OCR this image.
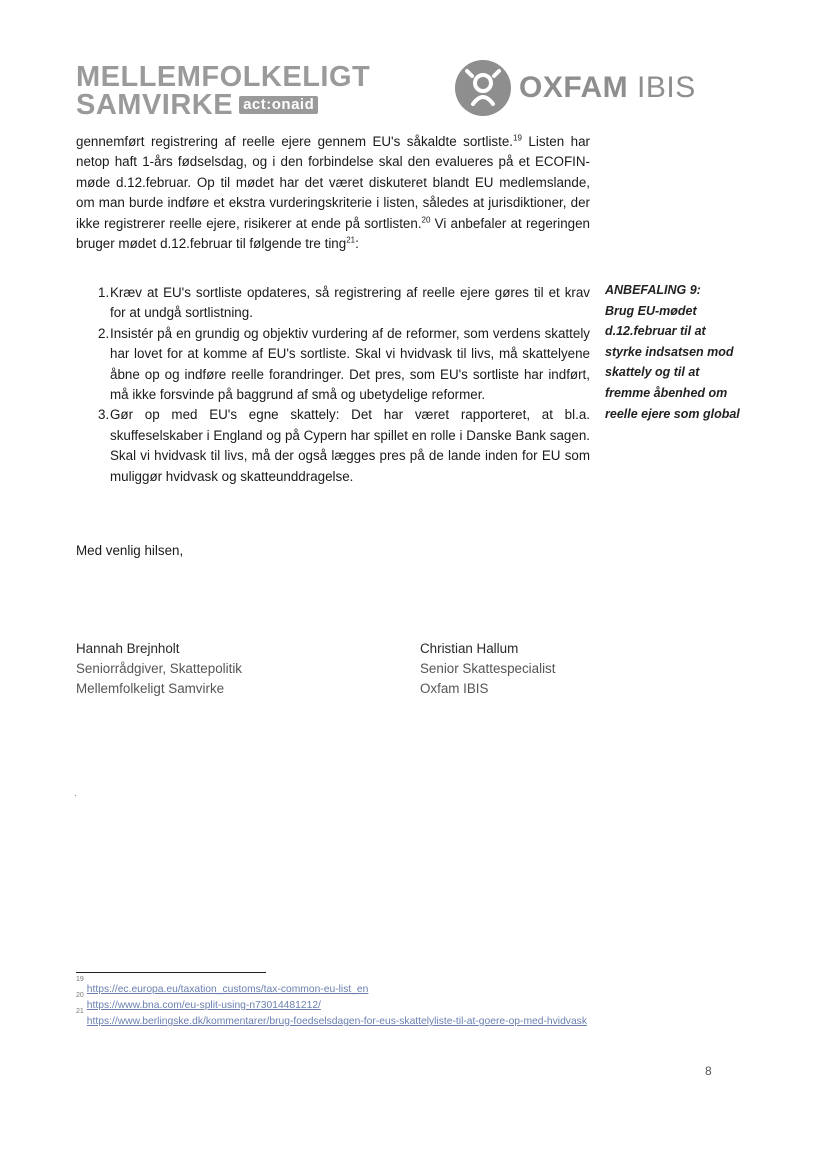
MELLEMFOLKELIGT
SAMVIRKE act:onaid
OXFAM IBIS

gennemført registrering af reelle ejere gennem EU's såkaldte sortliste.$^{19}$ Listen har netop haft 1-års fødselsdag, og i den forbindelse skal den evalueres på et ECOFIN-møde d.12.februar. Op til mødet har det været diskuteret blandt EU medlemslande, om man burde indføre et ekstra vurderingskriterie i listen, således at jurisdiktioner, der ikke registrerer reelle ejere, risikerer at ende på sortlisten.$^{20}$ Vi anbefaler at regeringen bruger mødet d.12.februar til følgende tre ting$^{21}$:

1. Kræv at EU's sortliste opdateres, så registrering af reelle ejere gøres til et krav for at undgå sortlistning.
2. Insistér på en grundig og objektiv vurdering af de reformer, som verdens skattely har lovet for at komme af EU's sortliste. Skal vi hvidvask til livs, må skattelyene åbne op og indføre reelle forandringer. Det pres, som EU's sortliste har indført, må ikke forsvinde på baggrund af små og ubetydelige reformer.
3. Gør op med EU's egne skattely: Det har været rapporteret, at bl.a. skuffeselskaber i England og på Cypern har spillet en rolle i Danske Bank sagen. Skal vi hvidvask til livs, må der også lægges pres på de lande inden for EU som muliggør hvidvask og skatteunddragelse.
ANBEFALING 9:
Brug EU-mødet
d.12.februar til at
styrke indsatsen mod
skattely og til at
fremme åbenhed om
reelle ejere som global

Med venlig hilsen,

Hannah Brejnholt
Seniorrådgiver, Skattepolitik
Mellemfolkeligt Samvirke
Christian Hallum
Senior Skattespecialist
Oxfam IBIS
.
$^{19}$
https://ec.europa.eu/taxation_customs/tax-common-eu-list_en
$^{20}$
https://www.bna.com/eu-split-using-n73014481212/
$^{21}$
https://www.berlingske.dk/kommentarer/brug-foedselsdagen-for-eus-skattelyliste-til-at-goere-op-med-hvidvask
8
